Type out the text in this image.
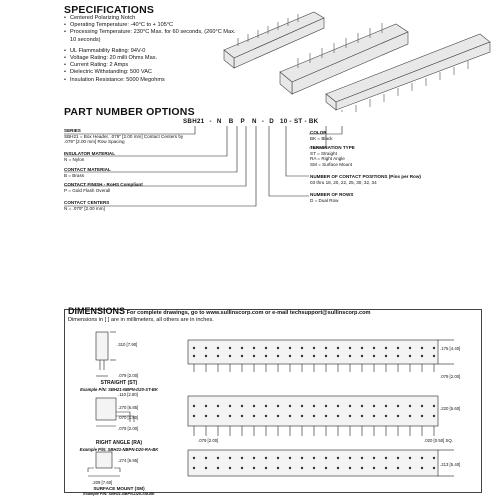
SPECIFICATIONS
• Centered Polarizing Notch
• Operating Temperature: -40°C to + 105°C
• Processing Temperature: 230°C Max. for 60 seconds, (260°C Max. 10 seconds)
• UL Flammability Rating: 94V-0
• Voltage Rating: 20 milli Ohms Max.
• Current Rating: 2 Amps
• Dielectric Withstanding: 500 VAC
• Insulation Resistance: 5000 Megohms
PART NUMBER OPTIONS
SBH21 - N B P N - D 10 - ST - BK
SERIES
SBH21 = Box Header, .079" [2.00 mm] Contact Centers by
.079" [2.00 mm] Row Spacing
INSULATOR MATERIAL
N = Nylon
CONTACT MATERIAL
B = Brass
CONTACT FINISH - RoHS Compliant
P = Gold Flash Overall
CONTACT CENTERS
N = .079" [2.00 mm]
COLOR
BK = Black
TERMINATION TYPE
ST = Straight
RA = Right Angle
SM = Surface Mount
NUMBER OF CONTACT POSITIONS (Pins per Row)
03 thru 18, 20, 22, 25, 30, 32, 34
NUMBER OF ROWS
D = Dual Row
DIMENSIONS For complete drawings, go to www.sullinscorp.com or e-mail techsupport@sullinscorp.com
Dimensions in [ ] are in millimeters, all others are in inches.
.310 [7.90]
.079 [2.00]
.175 [4.40]
.079 [2.00]
STRAIGHT (ST)
Example P/N: SBH21-NBPN-D20-ST-BK
.110 [2.80]
.270 [6.85]
.070 [1.80]
.079 [2.00]
.079 [2.00]
.220 [5.60]
.020 [0.50] SQ.
RIGHT ANGLE (RA)
Example P/N: SBH21-NBPN-D20-RA-BK
.274 [6.95]
.209 [7.60]
.213 [5.40]
SURFACE MOUNT (SM)
Example P/N: SBH21-NBPN-D20-SM-BK
